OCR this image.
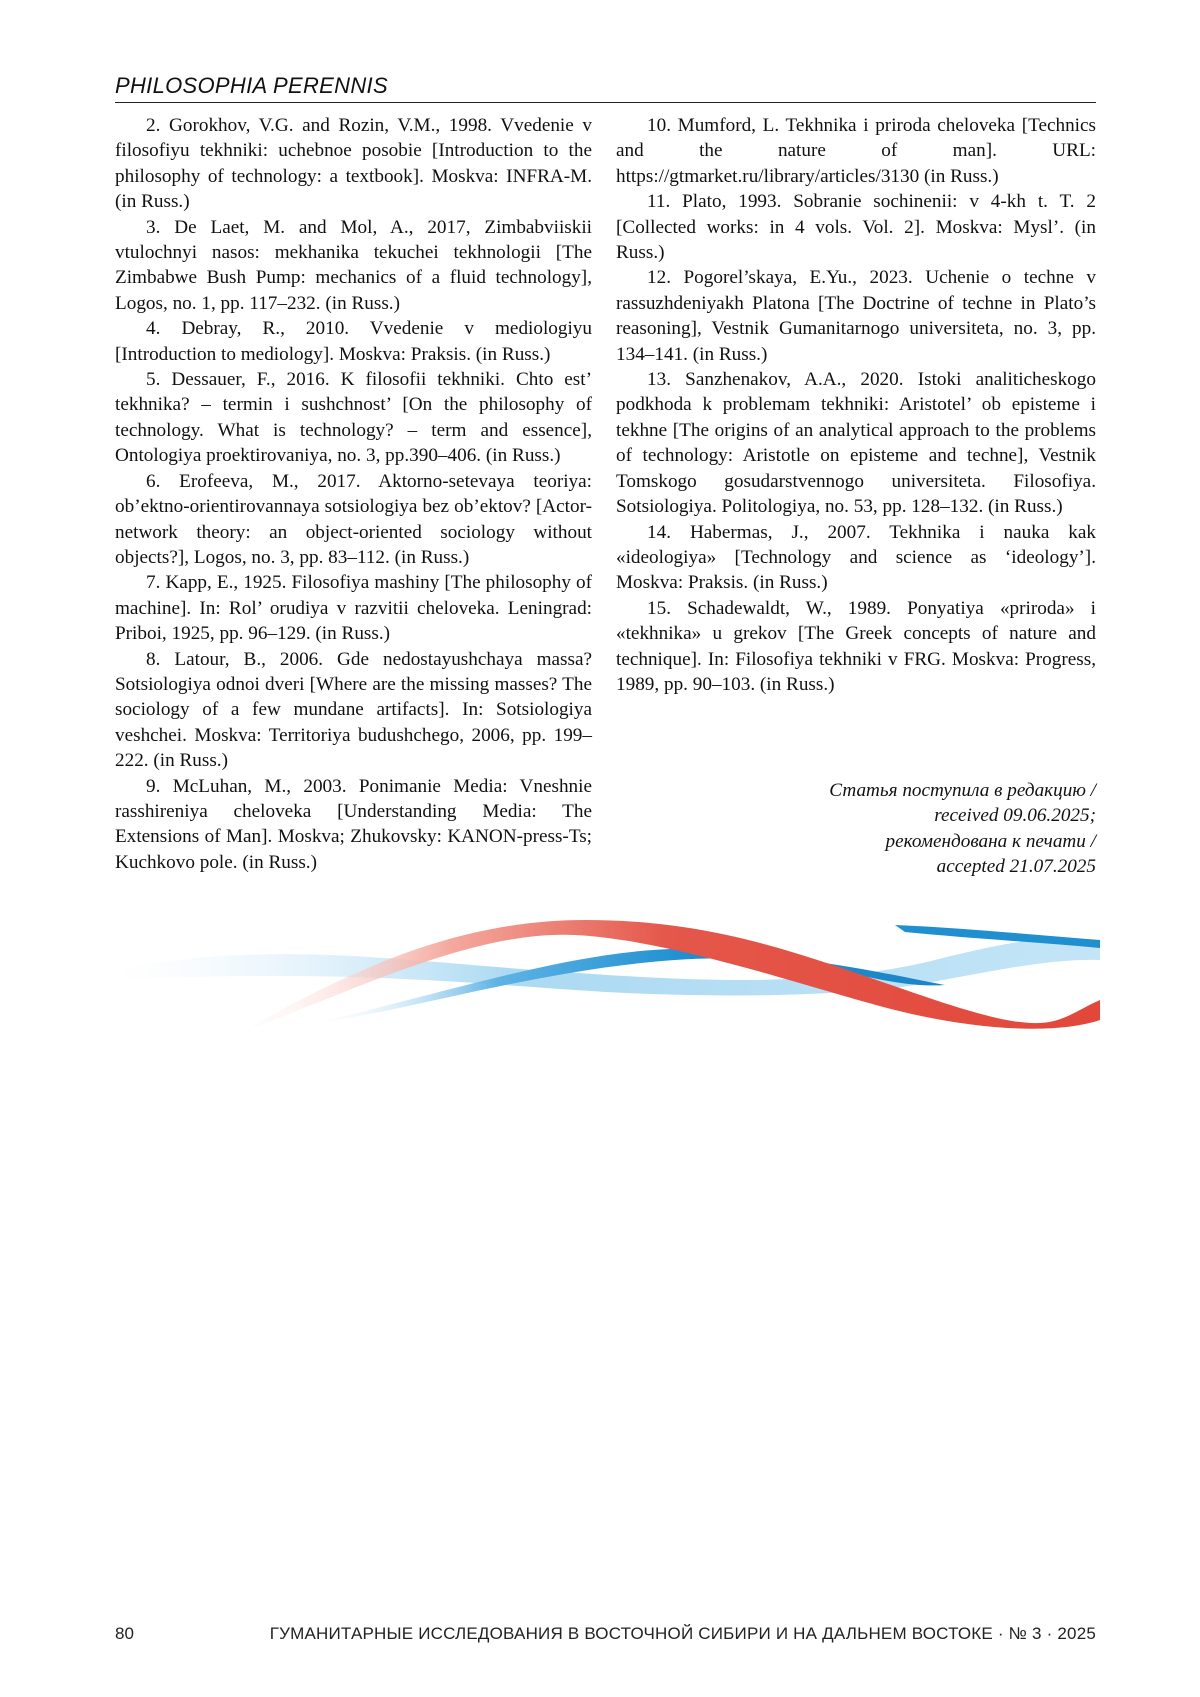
PHILOSOPHIA PERENNIS

2. Gorokhov, V.G. and Rozin, V.M., 1998. Vvedenie v filosofiyu tekhniki: uchebnoe posobie [Introduction to the philosophy of technology: a textbook]. Moskva: INFRA-M. (in Russ.)

3. De Laet, M. and Mol, A., 2017, Zimbabviiskii vtulochnyi nasos: mekhanika tekuchei tekhnologii [The Zimbabwe Bush Pump: mechanics of a fluid technology], Logos, no. 1, pp. 117–232. (in Russ.)

4. Debray, R., 2010. Vvedenie v mediologiyu [Introduction to mediology]. Moskva: Praksis. (in Russ.)

5. Dessauer, F., 2016. K filosofii tekhniki. Chto est’ tekhnika? – termin i sushchnost’ [On the philosophy of technology. What is technology? – term and essence], Ontologiya proektirovaniya, no. 3, pp.390–406. (in Russ.)

6. Erofeeva, M., 2017. Aktorno-setevaya teoriya: ob’ektno-orientirovannaya sotsiologiya bez ob’ektov? [Actor-network theory: an object-oriented sociology without objects?], Logos, no. 3, pp. 83–112. (in Russ.)

7. Kapp, E., 1925. Filosofiya mashiny [The philosophy of machine]. In: Rol’ orudiya v razvitii cheloveka. Leningrad: Priboi, 1925, pp. 96–129. (in Russ.)

8. Latour, B., 2006. Gde nedostayushchaya massa? Sotsiologiya odnoi dveri [Where are the missing masses? The sociology of a few mundane artifacts]. In: Sotsiologiya veshchei. Moskva: Territoriya budushchego, 2006, pp. 199–222. (in Russ.)

9. McLuhan, M., 2003. Ponimanie Media: Vneshnie rasshireniya cheloveka [Understanding Media: The Extensions of Man]. Moskva; Zhukovsky: KANON-press-Ts; Kuchkovo pole. (in Russ.)

10. Mumford, L. Tekhnika i priroda cheloveka [Technics and the nature of man]. URL: https://gtmarket.ru/library/articles/3130 (in Russ.)

11. Plato, 1993. Sobranie sochinenii: v 4-kh t. T. 2 [Collected works: in 4 vols. Vol. 2]. Moskva: Mysl’. (in Russ.)

12. Pogorel’skaya, E.Yu., 2023. Uchenie o techne v rassuzhdeniyakh Platona [The Doctrine of techne in Plato’s reasoning], Vestnik Gumanitarnogo universiteta, no. 3, pp. 134–141. (in Russ.)

13. Sanzhenakov, A.A., 2020. Istoki analiticheskogo podkhoda k problemam tekhniki: Aristotel’ ob episteme i tekhne [The origins of an analytical approach to the problems of technology: Aristotle on episteme and techne], Vestnik Tomskogo gosudarstvennogo universiteta. Filosofiya. Sotsiologiya. Politologiya, no. 53, pp. 128–132. (in Russ.)

14. Habermas, J., 2007. Tekhnika i nauka kak «ideologiya» [Technology and science as ‘ideology’]. Moskva: Praksis. (in Russ.)

15. Schadewaldt, W., 1989. Ponyatiya «priroda» i «tekhnika» u grekov [The Greek concepts of nature and technique]. In: Filosofiya tekhniki v FRG. Moskva: Progress, 1989, pp. 90–103. (in Russ.)

Статья поступила в редакцию /
received 09.06.2025;
рекомендована к печати /
accepted 21.07.2025
80	ГУМАНИТАРНЫЕ ИССЛЕДОВАНИЯ В ВОСТОЧНОЙ СИБИРИ И НА ДАЛЬНЕМ ВОСТОКЕ · № 3 · 2025
